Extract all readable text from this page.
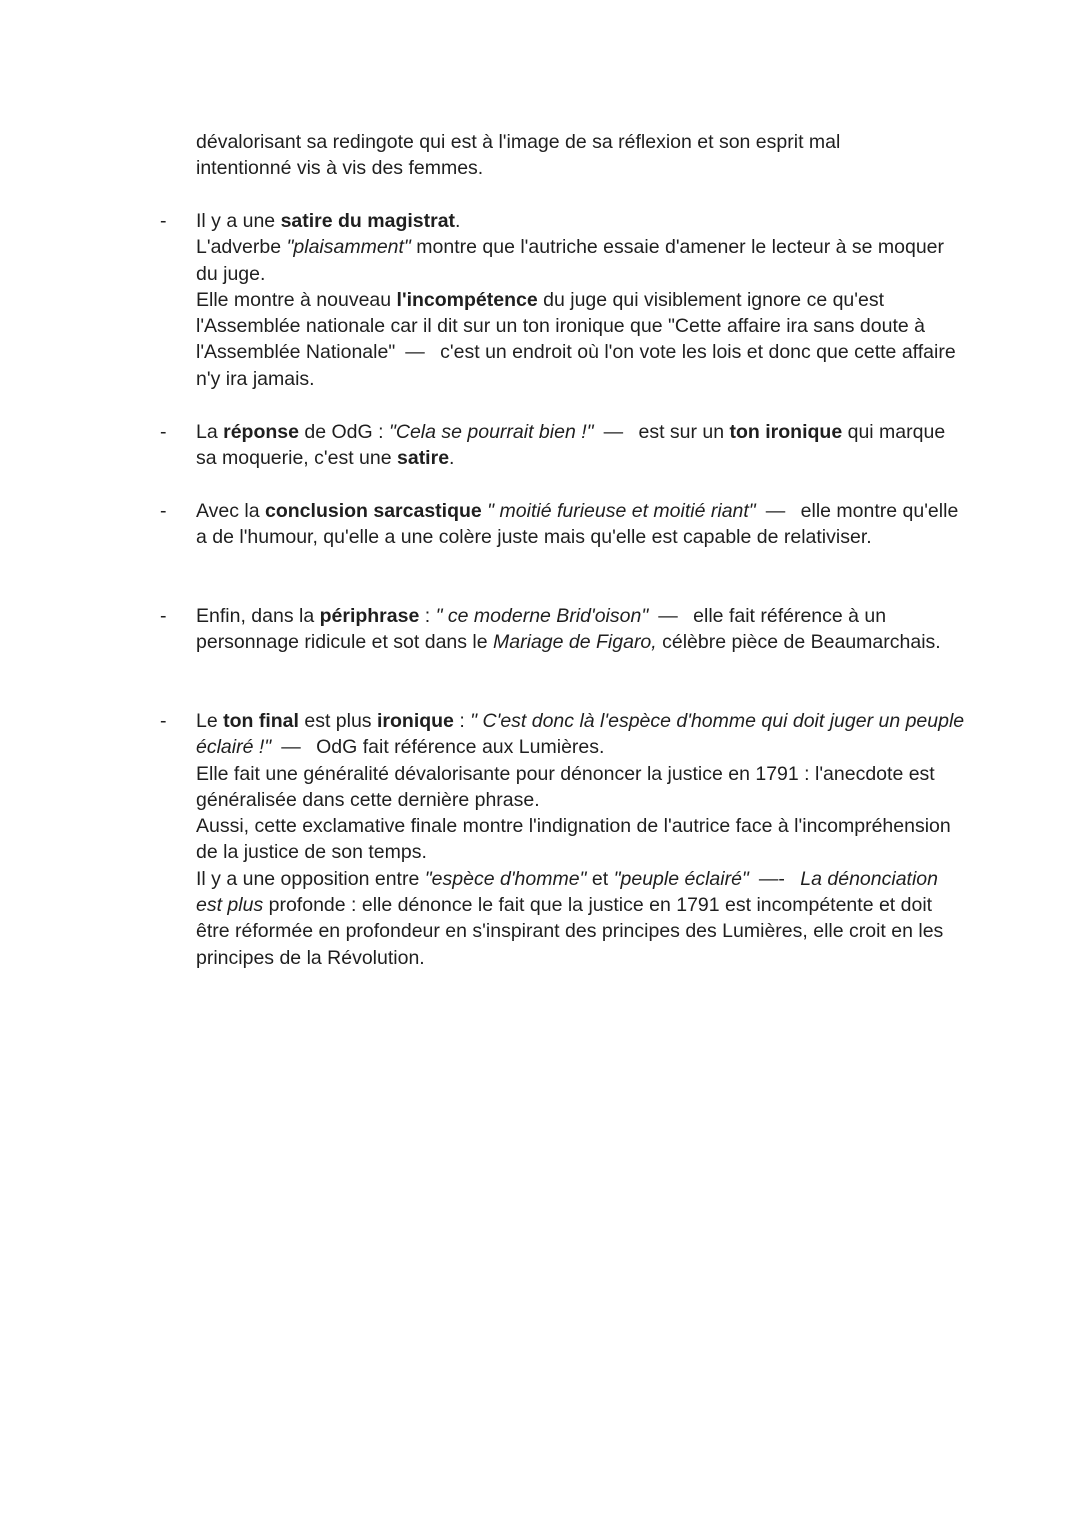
dévalorisant sa redingote qui est à l'image de sa réflexion et son esprit mal
intentionné vis à vis des femmes.
- Il y a une satire du magistrat.

L'adverbe "plaisamment" montre que l'autriche essaie d'amener le lecteur à se moquer du juge.

Elle montre à nouveau l'incompétence du juge qui visiblement ignore ce qu'est l'Assemblée nationale car il dit sur un ton ironique que "Cette affaire ira sans doute à l'Assemblée Nationale" — c'est un endroit où l'on vote les lois et donc que cette affaire n'y ira jamais.

- La réponse de OdG : "Cela se pourrait bien !" — est sur un ton ironique qui marque sa moquerie, c'est une satire.

- Avec la conclusion sarcastique " moitié furieuse et moitié riant" — elle montre qu'elle a de l'humour, qu'elle a une colère juste mais qu'elle est capable de relativiser.

- Enfin, dans la périphrase : " ce moderne Brid'oison" — elle fait référence à un personnage ridicule et sot dans le Mariage de Figaro, célèbre pièce de Beaumarchais.

- Le ton final est plus ironique : " C'est donc là l'espèce d'homme qui doit juger un peuple éclairé !" — OdG fait référence aux Lumières.

Elle fait une généralité dévalorisante pour dénoncer la justice en 1791 : l'anecdote est généralisée dans cette dernière phrase.

Aussi, cette exclamative finale montre l'indignation de l'autrice face à l'incompréhension de la justice de son temps.

Il y a une opposition entre "espèce d'homme" et "peuple éclairé" —- La dénonciation est plus profonde : elle dénonce le fait que la justice en 1791 est incompétente et doit être réformée en profondeur en s'inspirant des principes des Lumières, elle croit en les principes de la Révolution.
